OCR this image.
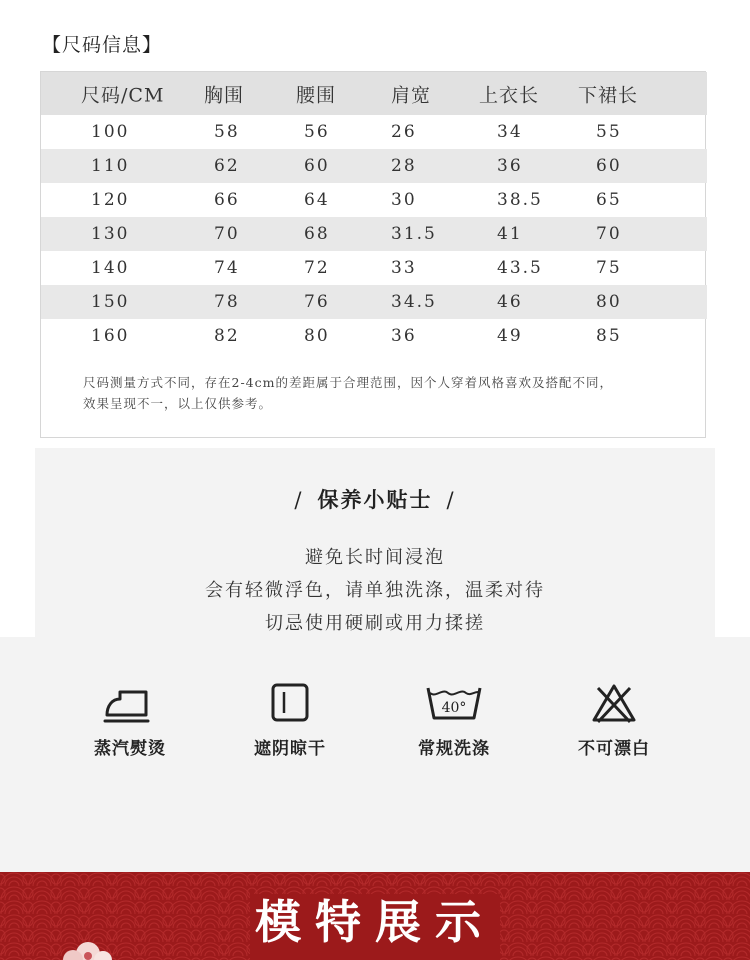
【尺码信息】
尺码/CM 胸围	腰围	肩宽	上衣长 下裙长
100	58	56	26	34	55
110	62	60	28	36	60
120	66	64	30	38.5	65
130	70	68	31.5	41	70
140	74	72	33	43.5	75
150	78	76	34.5	46	80
160	82	80	36	49	85
尺码测量方式不同，存在2-4cm的差距属于合理范围，因个人穿着风格喜欢及搭配不同，
效果呈现不一，以上仅供参考。
/ 保养小贴士 /
避免长时间浸泡
会有轻微浮色，请单独洗涤，温柔对待
切忌使用硬刷或用力揉搓
蒸汽熨烫	遮阴晾干
40°
常规洗涤	不可漂白
模特展示
